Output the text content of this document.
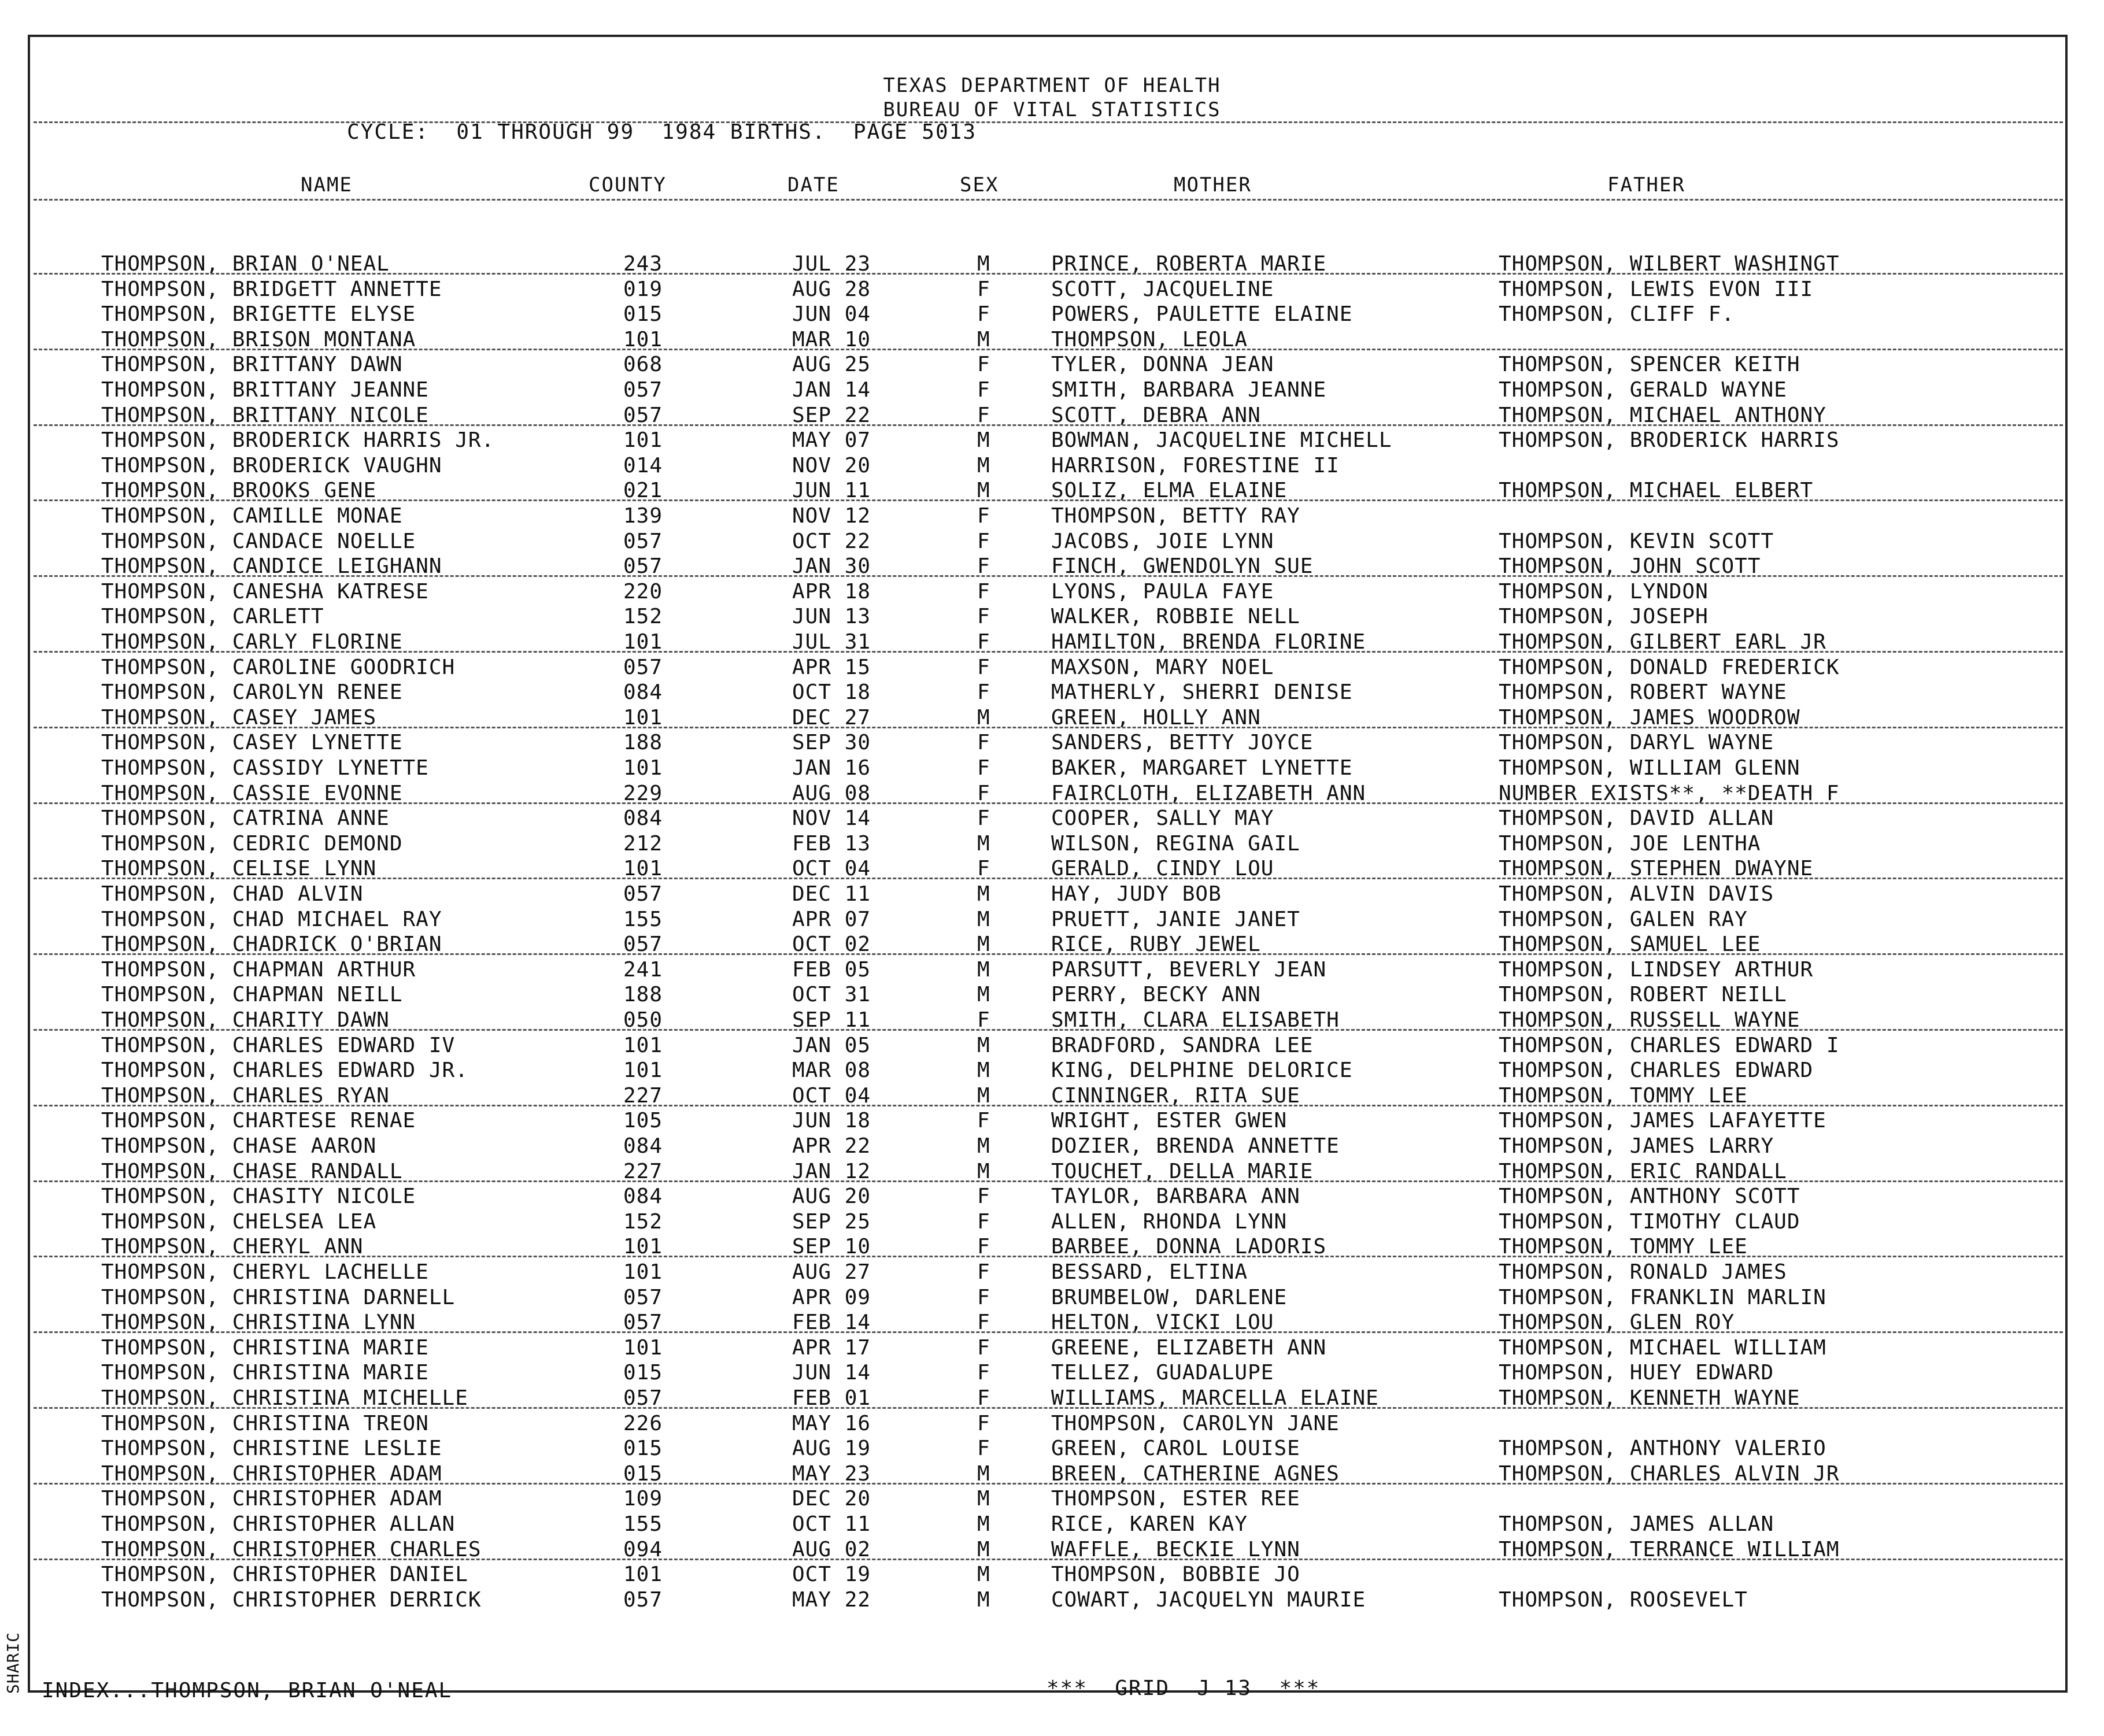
TEXAS DEPARTMENT OF HEALTH
BUREAU OF VITAL STATISTICS
CYCLE:  01 THROUGH 99  1984 BIRTHS.  PAGE 5013
NAME	COUNTY	DATE	SEX	MOTHER	FATHER
THOMPSON, BRIAN O'NEAL	243	JUL 23	M	PRINCE, ROBERTA MARIE	THOMPSON, WILBERT WASHINGT
THOMPSON, BRIDGETT ANNETTE	019	AUG 28	F	SCOTT, JACQUELINE	THOMPSON, LEWIS EVON III
THOMPSON, BRIGETTE ELYSE	015	JUN 04	F	POWERS, PAULETTE ELAINE	THOMPSON, CLIFF F.
THOMPSON, BRISON MONTANA	101	MAR 10	M	THOMPSON, LEOLA
THOMPSON, BRITTANY DAWN	068	AUG 25	F	TYLER, DONNA JEAN	THOMPSON, SPENCER KEITH
THOMPSON, BRITTANY JEANNE	057	JAN 14	F	SMITH, BARBARA JEANNE	THOMPSON, GERALD WAYNE
THOMPSON, BRITTANY NICOLE	057	SEP 22	F	SCOTT, DEBRA ANN	THOMPSON, MICHAEL ANTHONY
THOMPSON, BRODERICK HARRIS JR.	101	MAY 07	M	BOWMAN, JACQUELINE MICHELL	THOMPSON, BRODERICK HARRIS
THOMPSON, BRODERICK VAUGHN	014	NOV 20	M	HARRISON, FORESTINE II
THOMPSON, BROOKS GENE	021	JUN 11	M	SOLIZ, ELMA ELAINE	THOMPSON, MICHAEL ELBERT
THOMPSON, CAMILLE MONAE	139	NOV 12	F	THOMPSON, BETTY RAY
THOMPSON, CANDACE NOELLE	057	OCT 22	F	JACOBS, JOIE LYNN	THOMPSON, KEVIN SCOTT
THOMPSON, CANDICE LEIGHANN	057	JAN 30	F	FINCH, GWENDOLYN SUE	THOMPSON, JOHN SCOTT
THOMPSON, CANESHA KATRESE	220	APR 18	F	LYONS, PAULA FAYE	THOMPSON, LYNDON
THOMPSON, CARLETT	152	JUN 13	F	WALKER, ROBBIE NELL	THOMPSON, JOSEPH
THOMPSON, CARLY FLORINE	101	JUL 31	F	HAMILTON, BRENDA FLORINE	THOMPSON, GILBERT EARL JR
THOMPSON, CAROLINE GOODRICH	057	APR 15	F	MAXSON, MARY NOEL	THOMPSON, DONALD FREDERICK
THOMPSON, CAROLYN RENEE	084	OCT 18	F	MATHERLY, SHERRI DENISE	THOMPSON, ROBERT WAYNE
THOMPSON, CASEY JAMES	101	DEC 27	M	GREEN, HOLLY ANN	THOMPSON, JAMES WOODROW
THOMPSON, CASEY LYNETTE	188	SEP 30	F	SANDERS, BETTY JOYCE	THOMPSON, DARYL WAYNE
THOMPSON, CASSIDY LYNETTE	101	JAN 16	F	BAKER, MARGARET LYNETTE	THOMPSON, WILLIAM GLENN
THOMPSON, CASSIE EVONNE	229	AUG 08	F	FAIRCLOTH, ELIZABETH ANN	NUMBER EXISTS**, **DEATH F
THOMPSON, CATRINA ANNE	084	NOV 14	F	COOPER, SALLY MAY	THOMPSON, DAVID ALLAN
THOMPSON, CEDRIC DEMOND	212	FEB 13	M	WILSON, REGINA GAIL	THOMPSON, JOE LENTHA
THOMPSON, CELISE LYNN	101	OCT 04	F	GERALD, CINDY LOU	THOMPSON, STEPHEN DWAYNE
THOMPSON, CHAD ALVIN	057	DEC 11	M	HAY, JUDY BOB	THOMPSON, ALVIN DAVIS
THOMPSON, CHAD MICHAEL RAY	155	APR 07	M	PRUETT, JANIE JANET	THOMPSON, GALEN RAY
THOMPSON, CHADRICK O'BRIAN	057	OCT 02	M	RICE, RUBY JEWEL	THOMPSON, SAMUEL LEE
THOMPSON, CHAPMAN ARTHUR	241	FEB 05	M	PARSUTT, BEVERLY JEAN	THOMPSON, LINDSEY ARTHUR
THOMPSON, CHAPMAN NEILL	188	OCT 31	M	PERRY, BECKY ANN	THOMPSON, ROBERT NEILL
THOMPSON, CHARITY DAWN	050	SEP 11	F	SMITH, CLARA ELISABETH	THOMPSON, RUSSELL WAYNE
THOMPSON, CHARLES EDWARD IV	101	JAN 05	M	BRADFORD, SANDRA LEE	THOMPSON, CHARLES EDWARD I
THOMPSON, CHARLES EDWARD JR.	101	MAR 08	M	KING, DELPHINE DELORICE	THOMPSON, CHARLES EDWARD
THOMPSON, CHARLES RYAN	227	OCT 04	M	CINNINGER, RITA SUE	THOMPSON, TOMMY LEE
THOMPSON, CHARTESE RENAE	105	JUN 18	F	WRIGHT, ESTER GWEN	THOMPSON, JAMES LAFAYETTE
THOMPSON, CHASE AARON	084	APR 22	M	DOZIER, BRENDA ANNETTE	THOMPSON, JAMES LARRY
THOMPSON, CHASE RANDALL	227	JAN 12	M	TOUCHET, DELLA MARIE	THOMPSON, ERIC RANDALL
THOMPSON, CHASITY NICOLE	084	AUG 20	F	TAYLOR, BARBARA ANN	THOMPSON, ANTHONY SCOTT
THOMPSON, CHELSEA LEA	152	SEP 25	F	ALLEN, RHONDA LYNN	THOMPSON, TIMOTHY CLAUD
THOMPSON, CHERYL ANN	101	SEP 10	F	BARBEE, DONNA LADORIS	THOMPSON, TOMMY LEE
THOMPSON, CHERYL LACHELLE	101	AUG 27	F	BESSARD, ELTINA	THOMPSON, RONALD JAMES
THOMPSON, CHRISTINA DARNELL	057	APR 09	F	BRUMBELOW, DARLENE	THOMPSON, FRANKLIN MARLIN
THOMPSON, CHRISTINA LYNN	057	FEB 14	F	HELTON, VICKI LOU	THOMPSON, GLEN ROY
THOMPSON, CHRISTINA MARIE	101	APR 17	F	GREENE, ELIZABETH ANN	THOMPSON, MICHAEL WILLIAM
THOMPSON, CHRISTINA MARIE	015	JUN 14	F	TELLEZ, GUADALUPE	THOMPSON, HUEY EDWARD
THOMPSON, CHRISTINA MICHELLE	057	FEB 01	F	WILLIAMS, MARCELLA ELAINE	THOMPSON, KENNETH WAYNE
THOMPSON, CHRISTINA TREON	226	MAY 16	F	THOMPSON, CAROLYN JANE
THOMPSON, CHRISTINE LESLIE	015	AUG 19	F	GREEN, CAROL LOUISE	THOMPSON, ANTHONY VALERIO
THOMPSON, CHRISTOPHER ADAM	015	MAY 23	M	BREEN, CATHERINE AGNES	THOMPSON, CHARLES ALVIN JR
THOMPSON, CHRISTOPHER ADAM	109	DEC 20	M	THOMPSON, ESTER REE
THOMPSON, CHRISTOPHER ALLAN	155	OCT 11	M	RICE, KAREN KAY	THOMPSON, JAMES ALLAN
THOMPSON, CHRISTOPHER CHARLES	094	AUG 02	M	WAFFLE, BECKIE LYNN	THOMPSON, TERRANCE WILLIAM
THOMPSON, CHRISTOPHER DANIEL	101	OCT 19	M	THOMPSON, BOBBIE JO
THOMPSON, CHRISTOPHER DERRICK	057	MAY 22	M	COWART, JACQUELYN MAURIE	THOMPSON, ROOSEVELT
INDEX...THOMPSON, BRIAN O'NEAL	***  GRID  J 13  ***
SHARIC
